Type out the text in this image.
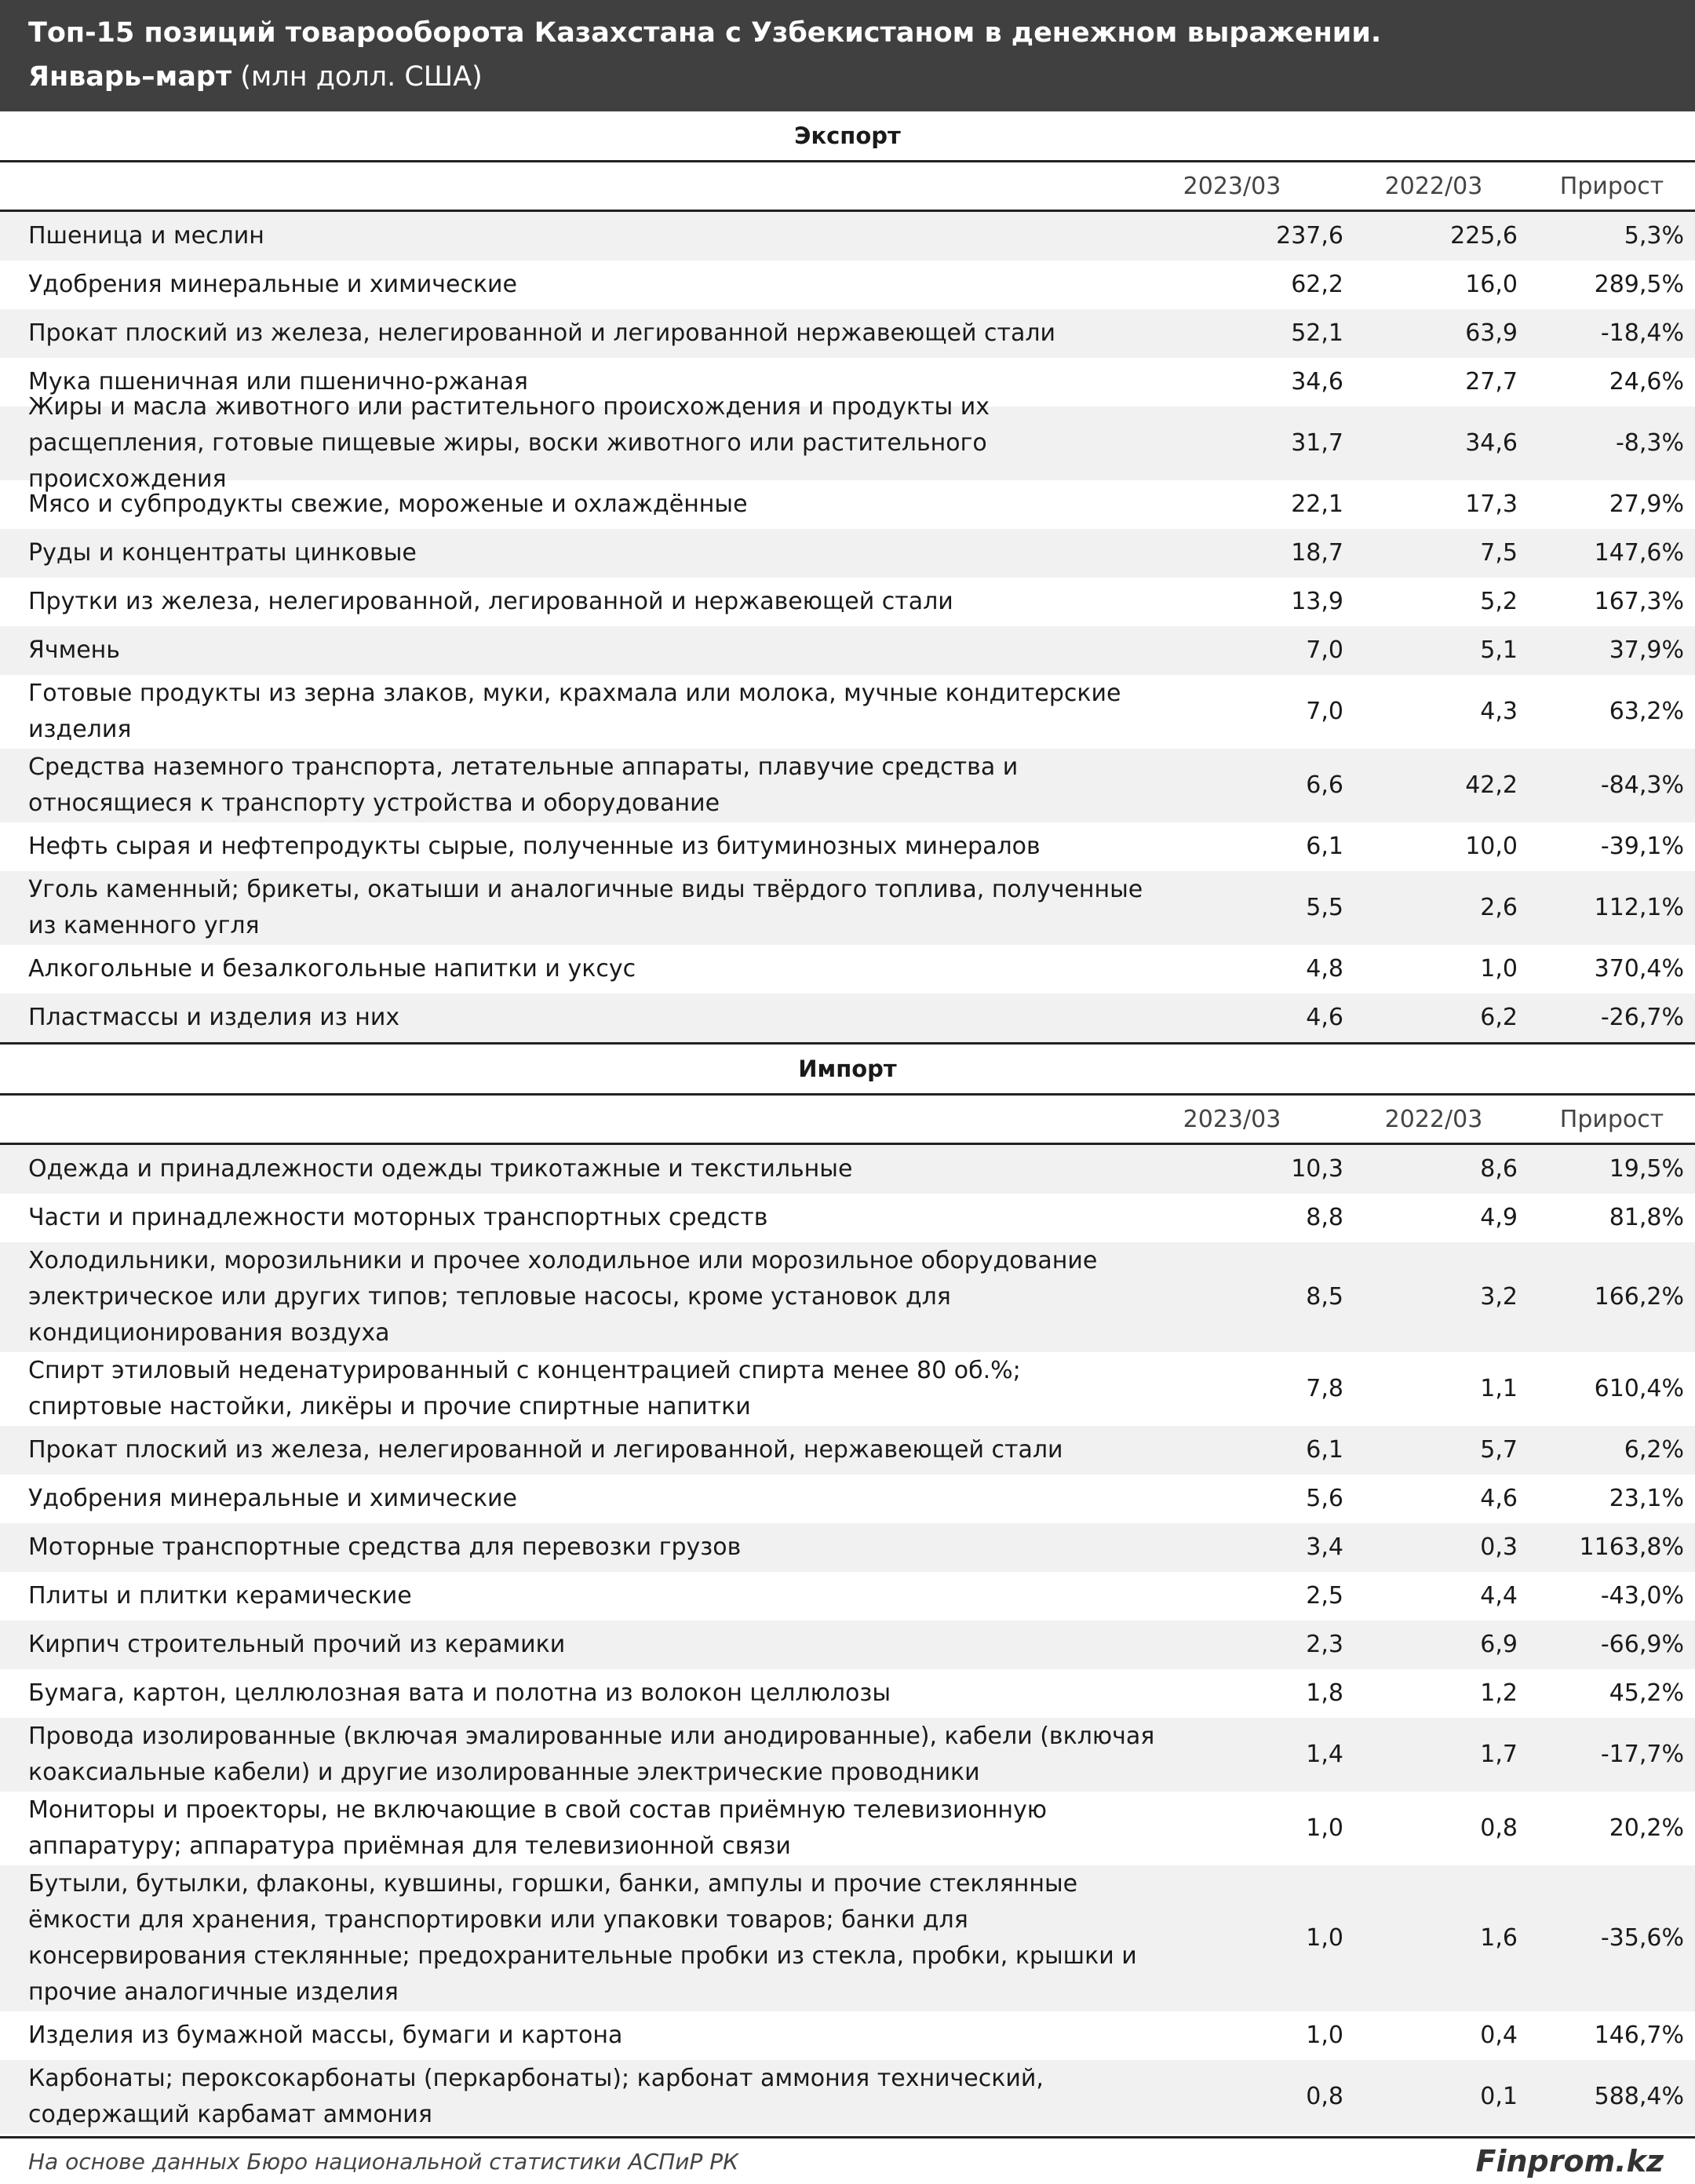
Топ-15 позиций товарооборота Казахстана с Узбекистаном в денежном выражении.
Январь–март (млн долл. США)
Экспорт
2023/03	2022/03	Прирост
Пшеница и меслин	237,6	225,6	5,3%
Удобрения минеральные и химические	62,2	16,0	289,5%
Прокат плоский из железа, нелегированной и легированной нержавеющей стали	52,1	63,9	-18,4%
Мука пшеничная или пшенично-ржаная	34,6	27,7	24,6%
Жиры и масла животного или растительного происхождения и продукты их расщепления, готовые пищевые жиры, воски животного или растительного происхождения
31,7	34,6	-8,3%
Мясо и субпродукты свежие, мороженые и охлаждённые	22,1	17,3	27,9%
Руды и концентраты цинковые	18,7	7,5	147,6%
Прутки из железа, нелегированной, легированной и нержавеющей стали	13,9	5,2	167,3%
Ячмень	7,0	5,1	37,9%
Готовые продукты из зерна злаков, муки, крахмала или молока, мучные кондитерские изделия
7,0	4,3	63,2%
Средства наземного транспорта, летательные аппараты, плавучие средства и относящиеся к транспорту устройства и оборудование
6,6	42,2	-84,3%
Нефть сырая и нефтепродукты сырые, полученные из битуминозных минералов	6,1	10,0	-39,1%
Уголь каменный; брикеты, окатыши и аналогичные виды твёрдого топлива, полученные из каменного угля
5,5	2,6	112,1%
Алкогольные и безалкогольные напитки и уксус	4,8	1,0	370,4%
Пластмассы и изделия из них	4,6	6,2	-26,7%
Импорт
2023/03	2022/03	Прирост
Одежда и принадлежности одежды трикотажные и текстильные	10,3	8,6	19,5%
Части и принадлежности моторных транспортных средств	8,8	4,9	81,8%
Холодильники, морозильники и прочее холодильное или морозильное оборудование электрическое или других типов; тепловые насосы, кроме установок для кондиционирования воздуха
8,5	3,2	166,2%
Спирт этиловый неденатурированный с концентрацией спирта менее 80 об.%; спиртовые настойки, ликёры и прочие спиртные напитки
7,8	1,1	610,4%
Прокат плоский из железа, нелегированной и легированной, нержавеющей стали	6,1	5,7	6,2%
Удобрения минеральные и химические	5,6	4,6	23,1%
Моторные транспортные средства для перевозки грузов	3,4	0,3	1163,8%
Плиты и плитки керамические	2,5	4,4	-43,0%
Кирпич строительный прочий из керамики	2,3	6,9	-66,9%
Бумага, картон, целлюлозная вата и полотна из волокон целлюлозы	1,8	1,2	45,2%
Провода изолированные (включая эмалированные или анодированные), кабели (включая коаксиальные кабели) и другие изолированные электрические проводники
1,4	1,7	-17,7%
Мониторы и проекторы, не включающие в свой состав приёмную телевизионную аппаратуру; аппаратура приёмная для телевизионной связи
1,0	0,8	20,2%
Бутыли, бутылки, флаконы, кувшины, горшки, банки, ампулы и прочие стеклянные ёмкости для хранения, транспортировки или упаковки товаров; банки для консервирования стеклянные; предохранительные пробки из стекла, пробки, крышки и прочие аналогичные изделия
1,0	1,6	-35,6%
Изделия из бумажной массы, бумаги и картона	1,0	0,4	146,7%
Карбонаты; пероксокарбонаты (перкарбонаты); карбонат аммония технический, содержащий карбамат аммония
0,8	0,1	588,4%
На основе данных Бюро национальной статистики АСПиР РК	Finprom.kz
